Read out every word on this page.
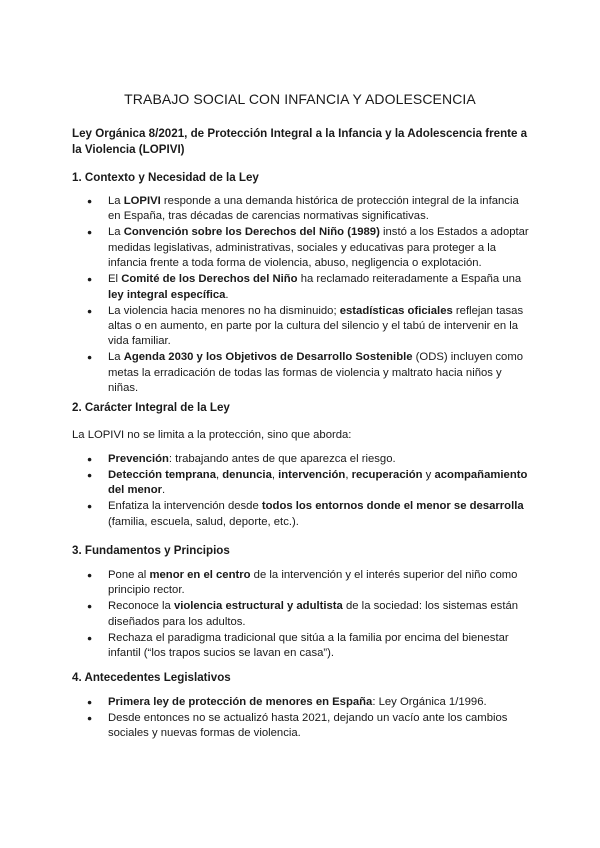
TRABAJO SOCIAL CON INFANCIA Y ADOLESCENCIA
Ley Orgánica 8/2021, de Protección Integral a la Infancia y la Adolescencia frente a la Violencia (LOPIVI)
1. Contexto y Necesidad de la Ley
● La LOPIVI responde a una demanda histórica de protección integral de la infancia en España, tras décadas de carencias normativas significativas.
● La Convención sobre los Derechos del Niño (1989) instó a los Estados a adoptar medidas legislativas, administrativas, sociales y educativas para proteger a la infancia frente a toda forma de violencia, abuso, negligencia o explotación.
● El Comité de los Derechos del Niño ha reclamado reiteradamente a España una ley integral específica.
● La violencia hacia menores no ha disminuido; estadísticas oficiales reflejan tasas altas o en aumento, en parte por la cultura del silencio y el tabú de intervenir en la vida familiar.
● La Agenda 2030 y los Objetivos de Desarrollo Sostenible (ODS) incluyen como metas la erradicación de todas las formas de violencia y maltrato hacia niños y niñas.
2. Carácter Integral de la Ley
La LOPIVI no se limita a la protección, sino que aborda:
● Prevención: trabajando antes de que aparezca el riesgo.
● Detección temprana, denuncia, intervención, recuperación y acompañamiento del menor.
● Enfatiza la intervención desde todos los entornos donde el menor se desarrolla (familia, escuela, salud, deporte, etc.).
3. Fundamentos y Principios
● Pone al menor en el centro de la intervención y el interés superior del niño como principio rector.
● Reconoce la violencia estructural y adultista de la sociedad: los sistemas están diseñados para los adultos.
● Rechaza el paradigma tradicional que sitúa a la familia por encima del bienestar infantil (“los trapos sucios se lavan en casa”).
4. Antecedentes Legislativos
● Primera ley de protección de menores en España: Ley Orgánica 1/1996.
● Desde entonces no se actualizó hasta 2021, dejando un vacío ante los cambios sociales y nuevas formas de violencia.
